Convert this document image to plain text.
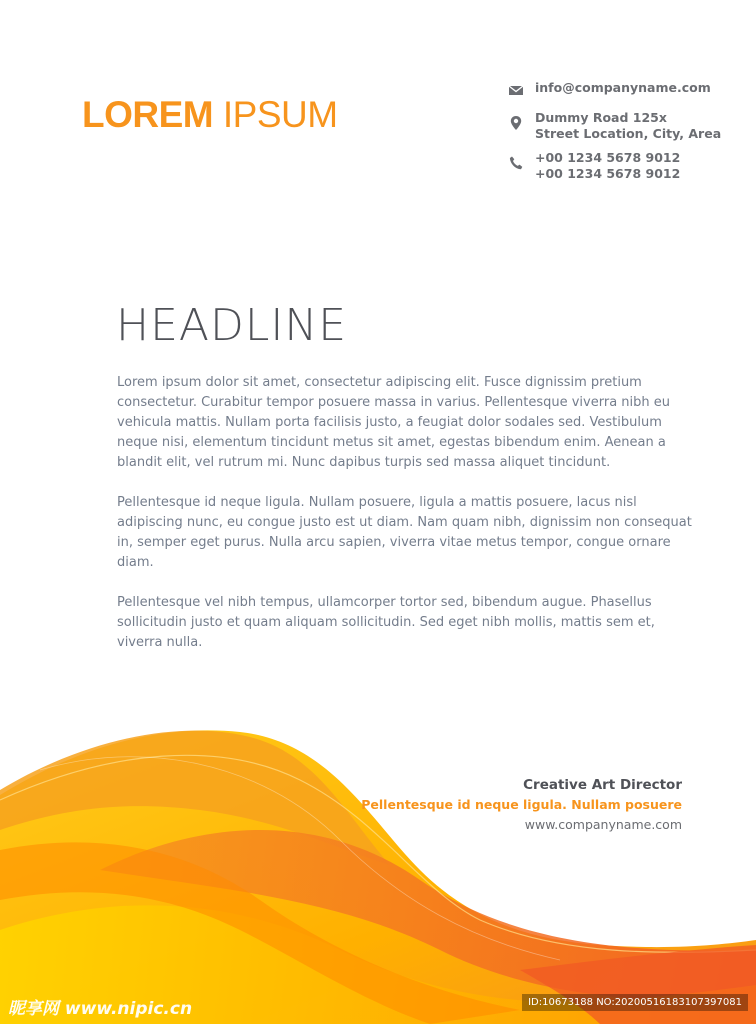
LOREM IPSUM
info@companyname.com
Dummy Road 125x
Street Location, City, Area
+00 1234 5678 9012
+00 1234 5678 9012
HEADLINE

Lorem ipsum dolor sit amet, consectetur adipiscing elit. Fusce dignissim pretium consectetur. Curabitur tempor posuere massa in varius. Pellentesque viverra nibh eu vehicula mattis. Nullam porta facilisis justo, a feugiat dolor sodales sed. Vestibulum neque nisi, elementum tincidunt metus sit amet, egestas bibendum enim. Aenean a blandit elit, vel rutrum mi. Nunc dapibus turpis sed massa aliquet tincidunt.

Pellentesque id neque ligula. Nullam posuere, ligula a mattis posuere, lacus nisl adipiscing nunc, eu congue justo est ut diam. Nam quam nibh, dignissim non consequat in, semper eget purus. Nulla arcu sapien, viverra vitae metus tempor, congue ornare diam.

Pellentesque vel nibh tempus, ullamcorper tortor sed, bibendum augue. Phasellus sollicitudin justo et quam aliquam sollicitudin. Sed eget nibh mollis, mattis sem et, viverra nulla.

Creative Art Director
Pellentesque id neque ligula. Nullam posuere
www.companyname.com
昵享网 www.nipic.cn	ID:10673188 NO:20200516183107397081
